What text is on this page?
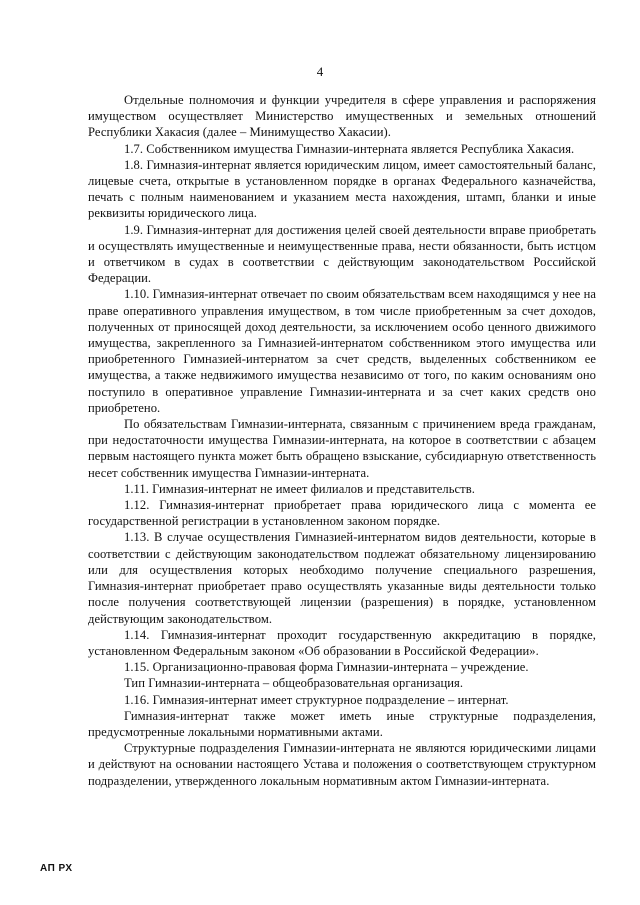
4

Отдельные полномочия и функции учредителя в сфере управления и распоряжения имуществом осуществляет Министерство имущественных и земельных отношений Республики Хакасия (далее – Минимущество Хакасии).

1.7. Собственником имущества Гимназии-интерната является Республика Хакасия.

1.8. Гимназия-интернат является юридическим лицом, имеет самостоятельный баланс, лицевые счета, открытые в установленном порядке в органах Федерального казначейства, печать с полным наименованием и указанием места нахождения, штамп, бланки и иные реквизиты юридического лица.

1.9. Гимназия-интернат для достижения целей своей деятельности вправе приобретать и осуществлять имущественные и неимущественные права, нести обязанности, быть истцом и ответчиком в судах в соответствии с действующим законодательством Российской Федерации.

1.10. Гимназия-интернат отвечает по своим обязательствам всем находящимся у нее на праве оперативного управления имуществом, в том числе приобретенным за счет доходов, полученных от приносящей доход деятельности, за исключением особо ценного движимого имущества, закрепленного за Гимназией-интернатом собственником этого имущества или приобретенного Гимназией-интернатом за счет средств, выделенных собственником ее имущества, а также недвижимого имущества независимо от того, по каким основаниям оно поступило в оперативное управление Гимназии-интерната и за счет каких средств оно приобретено.

По обязательствам Гимназии-интерната, связанным с причинением вреда гражданам, при недостаточности имущества Гимназии-интерната, на которое в соответствии с абзацем первым настоящего пункта может быть обращено взыскание, субсидиарную ответственность несет собственник имущества Гимназии-интерната.

1.11. Гимназия-интернат не имеет филиалов и представительств.

1.12. Гимназия-интернат приобретает права юридического лица с момента ее государственной регистрации в установленном законом порядке.

1.13. В случае осуществления Гимназией-интернатом видов деятельности, которые в соответствии с действующим законодательством подлежат обязательному лицензированию или для осуществления которых необходимо получение специального разрешения, Гимназия-интернат приобретает право осуществлять указанные виды деятельности только после получения соответствующей лицензии (разрешения) в порядке, установленном действующим законодательством.

1.14. Гимназия-интернат проходит государственную аккредитацию в порядке, установленном Федеральным законом «Об образовании в Российской Федерации».

1.15. Организационно-правовая форма Гимназии-интерната – учреждение.

Тип Гимназии-интерната – общеобразовательная организация.

1.16. Гимназия-интернат имеет структурное подразделение – интернат.

Гимназия-интернат также может иметь иные структурные подразделения, предусмотренные локальными нормативными актами.

Структурные подразделения Гимназии-интерната не являются юридическими лицами и действуют на основании настоящего Устава и положения о соответствующем структурном подразделении, утвержденного локальным нормативным актом Гимназии-интерната.

АП РХ
